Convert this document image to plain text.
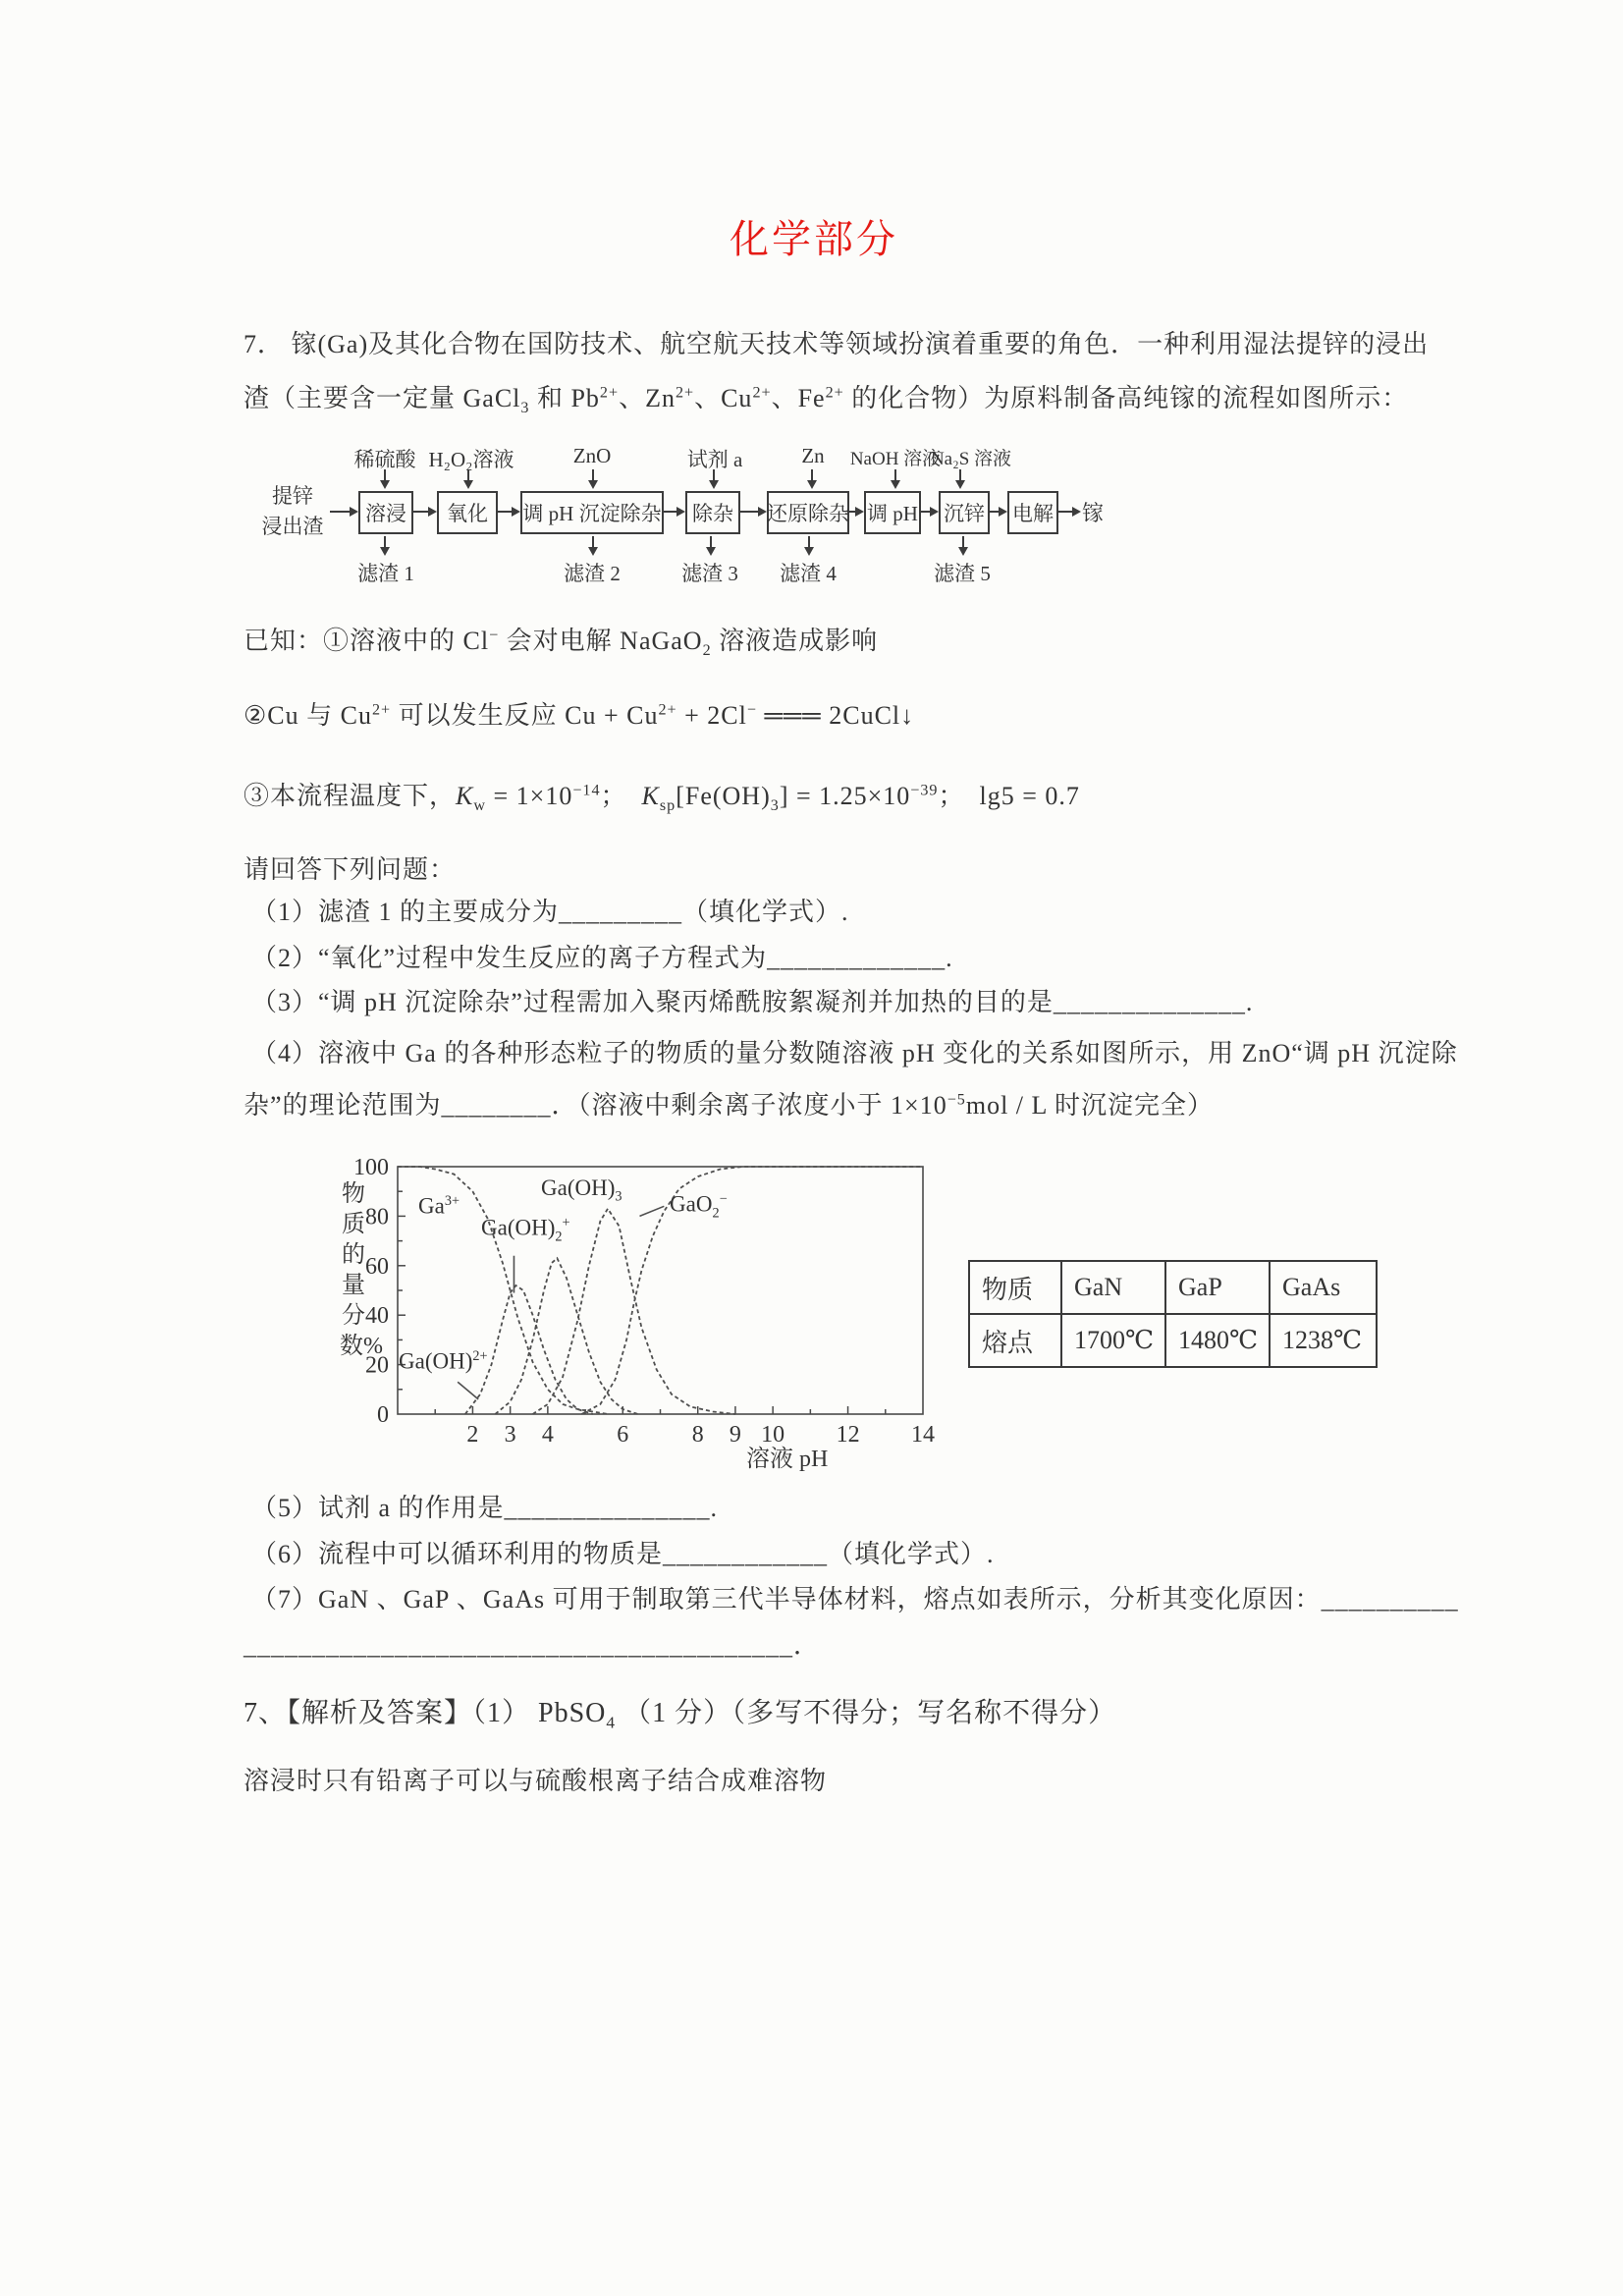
化学部分
7． 镓(Ga)及其化合物在国防技术、航空航天技术等领域扮演着重要的角色．一种利用湿法提锌的浸出
渣（主要含一定量 GaCl$_3$ 和 $Pb^{2+}$、$Zn^{2+}$、$Cu^{2+}$、$Fe^{2+}$ 的化合物）为原料制备高纯镓的流程如图所示：
提锌
浸出渣
稀硫酸 H₂O₂溶液	ZnO	试剂 a	Zn	NaOH 溶液
Na₂S 溶液
溶浸	氧化	调 pH 沉淀除杂	除杂	还原除杂 调 pH 沉锌 电解 镓
滤渣 1	滤渣 2	滤渣 3 滤渣 4	滤渣 5
已知：①溶液中的 Cl− 会对电解 NaGaO$_2$ 溶液造成影响
②Cu 与 $Cu^{2+}$ 可以发生反应 $Cu + Cu^{2+} + 2Cl^-$ ═══ 2CuCl↓
③本流程温度下，$K_w = 1\times 10^{-14}$；  $K_{sp}[Fe(OH)_3] = 1.25\times 10^{-39}$；  lg5 = 0.7
请回答下列问题：
（1）滤渣 1 的主要成分为_________（填化学式）.
（2）“氧化”过程中发生反应的离子方程式为_____________.
（3）“调 pH 沉淀除杂”过程需加入聚丙烯酰胺絮凝剂并加热的目的是______________.
（4）溶液中 Ga 的各种形态粒子的物质的量分数随溶液 pH 变化的关系如图所示，用 ZnO“调 pH 沉淀除
杂”的理论范围为________．（溶液中剩余离子浓度小于 $1\times 10^{-5}mol / L$ 时沉淀完全）
0
20
40
60
80
100
2 3 4	6	8 9 10 12 14
物质的量分数%
溶液 pH
$Ga^{3+}$
$Ga(OH)_2^+$
Ga(OH)$^{2+}$
$Ga(OH)_3$ GaO$_2$−
物质	GaN	GaP	GaAs
熔点	1700℃	1480℃	1238℃
（5）试剂 a 的作用是_______________.
（6）流程中可以循环利用的物质是____________（填化学式）.
（7）GaN 、GaP 、GaAs 可用于制取第三代半导体材料，熔点如表所示，分析其变化原因：__________
________________________________________．
7、【解析及答案】（1） PbSO$_4$ （1 分）（多写不得分；写名称不得分）
溶浸时只有铅离子可以与硫酸根离子结合成难溶物
